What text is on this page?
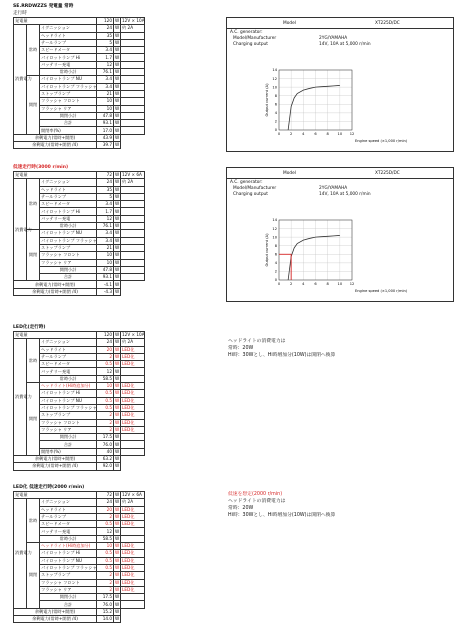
SE.RRDWZZS 発電量 常時
走行時
発電量			120	W	12V × 10A
消費電力	常時	イグニッション	24	W	約 2A
		ヘッドライト	35	W	
		テールランプ	5	W	
		スピードメータ	3.4	W	
		パイロットランプ Hi	1.7	W	
		バッテリー充電	12	W	
		常時小計	76.1	W	
	開閉	パイロットランプ NU	3.4	W	
		パイロットランプ フラッシャ	3.4	W	
		ストップランプ	21	W	
		フラッシャ フロント	10	W	
		フラッシャ リア	10	W	
		開閉小計	47.8	W	
		合計	93.1	W	
		開閉率(%)	17.0	W	
余剰電力(常時+開閉)			43.9	W	
余剰電力(常時+開閉 /4)			39.7	W	
低速走行時(3000 r/min)
発電量			72	W	12V × 6A
消費電力	常時	イグニッション	24	W	約 2A
		ヘッドライト	35	W	
		テールランプ	5	W	
		スピードメータ	3.4	W	
		パイロットランプ Hi	1.7	W	
		バッテリー充電	12	W	
		常時小計	76.1	W	
	開閉	パイロットランプ NU	3.4	W	
		パイロットランプ フラッシャ	3.4	W	
		ストップランプ	21	W	
		フラッシャ フロント	10	W	
		フラッシャ リア	10	W	
		開閉小計	47.8	W	
		合計	93.1	W	
余剰電力(常時+開閉)			-4.1	W	
余剰電力(常時+開閉 /4)			-4.3	W	
LED化(走行時)
発電量			120	W	12V × 10A
消費電力	常時	イグニッション	24	W	約 2A
		ヘッドライト	20	W	LED化
		テールランプ	2	W	LED化
		スピードメータ	0.5	W	LED化
		バッテリー充電	12	W	
		常時小計	58.5	W	
	開閉	ヘッドライト(Hi時追加分)	10	W	LED化
		パイロットランプ Hi	0.5	W	LED化
		パイロットランプ NU	0.5	W	LED化
		パイロットランプ フラッシャ	0.5	W	LED化
		ストップランプ	2	W	LED化
		フラッシャ フロント	2	W	LED化
		フラッシャ リア	2	W	LED化
		開閉小計	17.5	W	
		合計	76.0	W	
		開閉率(%)	40	W	
余剰電力(常時+開閉)			63.2	W	
余剰電力(常時+開閉 /4)			92.0	W	
LED化 低速走行時(2000 r/min)
発電量			72	W	12V × 6A
消費電力	常時	イグニッション	24	W	約 2A
		ヘッドライト	20	W	LED化
		テールランプ	2	W	LED化
		スピードメータ	0.5	W	LED化
		バッテリー充電	12	W	
		常時小計	58.5	W	
	開閉	ヘッドライト(Hi時追加分)	10	W	LED化
		パイロットランプ Hi	0.5	W	LED化
		パイロットランプ NU	0.5	W	LED化
		パイロットランプ フラッシャ	0.5	W	LED化
		ストップランプ	2	W	LED化
		フラッシャ フロント	2	W	LED化
		フラッシャ リア	2	W	LED化
		開閉小計	17.5	W	
		合計	76.0	W	
余剰電力(常時+開閉)			15.2	W	
余剰電力(常時+開閉 /4)			14.0	W	
ヘッドライトの消費電力は
常時：20W
Hi時：30Wとし、Hi時増加分(10W)は開閉へ換算
低速を想定(2000 r/min)
ヘッドライトの消費電力は
常時：20W
Hi時：30Wとし、Hi時増加分(10W)は開閉へ換算
Model	XT225D/DC
A.C. generator:
Model/Manufacturer	2YG/YAMAHA
Charging output	14V, 10A at 5,000 r/min
0	2	4	6	8 10 12
0
2
4
6
8
10
12
14
Engine speed (×1,000 r/min)
Output current (A)
Model	XT225D/DC
A.C. generator:
Model/Manufacturer	2YG/YAMAHA
Charging output	14V, 10A at 5,000 r/min
0	2	4	6	8 10 12
0
2
4
6
8
10
12
14
Engine speed (×1,000 r/min)
Output current (A)
